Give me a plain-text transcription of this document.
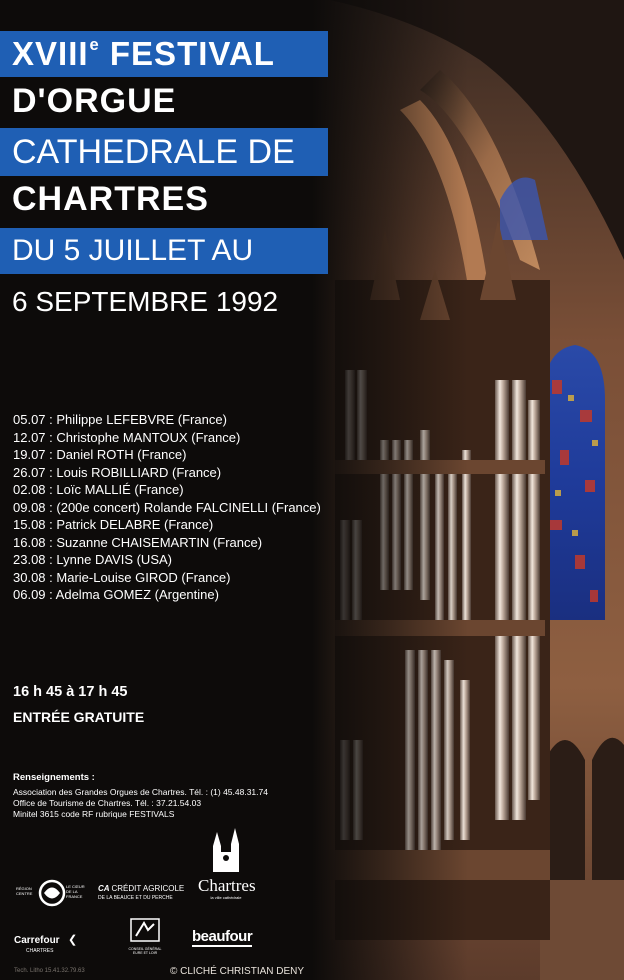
XVIIIe FESTIVAL
D'ORGUE
CATHEDRALE DE
CHARTRES
DU 5 JUILLET AU
6 SEPTEMBRE 1992
05.07 : Philippe LEFEBVRE (France)
12.07 : Christophe MANTOUX (France)
19.07 : Daniel ROTH (France)
26.07 : Louis ROBILLIARD (France)
02.08 : Loïc MALLIÉ (France)
09.08 : (200e concert) Rolande FALCINELLI (France)
15.08 : Patrick DELABRE (France)
16.08 : Suzanne CHAISEMARTIN (France)
23.08 : Lynne DAVIS (USA)
30.08 : Marie-Louise GIROD (France)
06.09 : Adelma GOMEZ (Argentine)
16 h 45 à 17 h 45
ENTRÉE GRATUITE
Renseignements :
Association des Grandes Orgues de Chartres. Tél. : (1) 45.48.31.74
Office de Tourisme de Chartres. Tél. : 37.21.54.03
Minitel 3615 code RF rubrique FESTIVALS
RÉGION CENTRE
LE CŒUR DE LA FRANCE
CA CRÉDIT AGRICOLE
DE LA BEAUCE ET DU PERCHE
Chartres
la ville cathédrale
Carrefour ❮
CHARTRES	CONSEIL GÉNÉRAL EURE ET LOIR
beaufour
Tech. Litho 15.41.32.79.63	© CLICHÉ CHRISTIAN DENY
